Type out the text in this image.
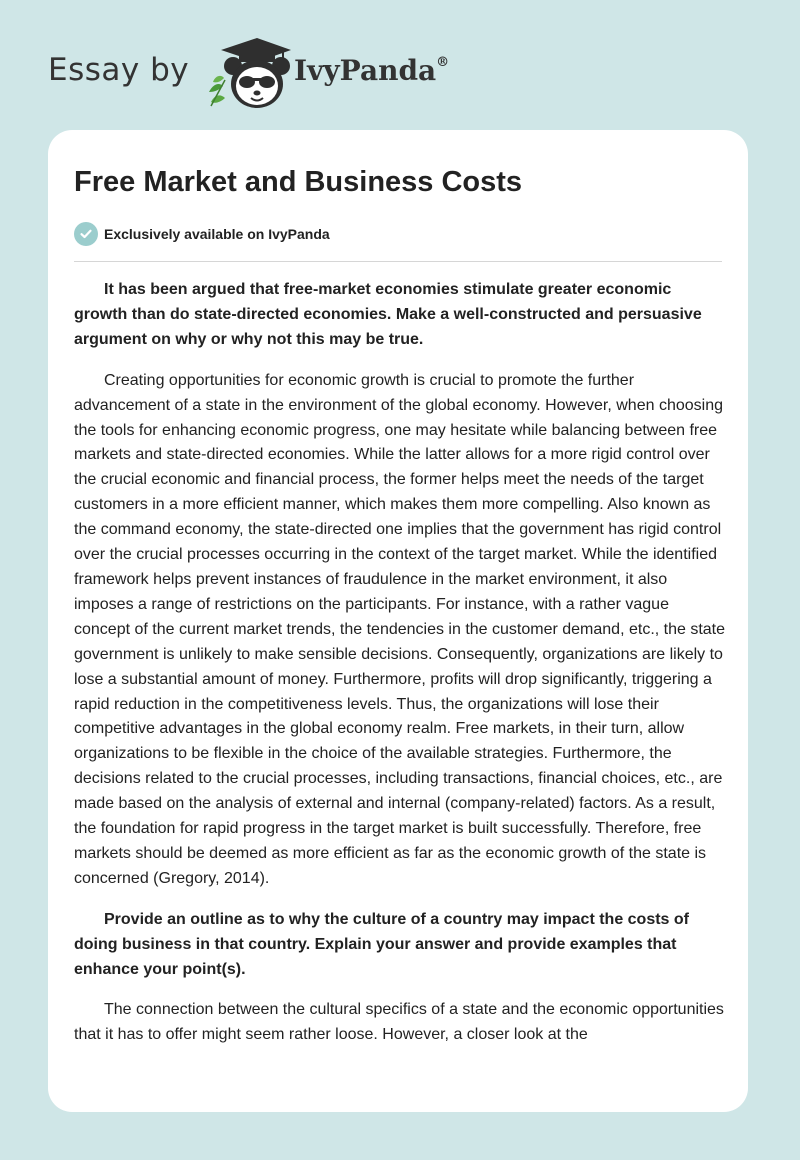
Essay by	IvyPanda®
Free Market and Business Costs
Exclusively available on IvyPanda

It has been argued that free-market economies stimulate greater economic growth than do state-directed economies. Make a well-constructed and persuasive argument on why or why not this may be true.

Creating opportunities for economic growth is crucial to promote the further advancement of a state in the environment of the global economy. However, when choosing the tools for enhancing economic progress, one may hesitate while balancing between free markets and state-directed economies. While the latter allows for a more rigid control over the crucial economic and financial process, the former helps meet the needs of the target customers in a more efficient manner, which makes them more compelling. Also known as the command economy, the state-directed one implies that the government has rigid control over the crucial processes occurring in the context of the target market. While the identified framework helps prevent instances of fraudulence in the market environment, it also imposes a range of restrictions on the participants. For instance, with a rather vague concept of the current market trends, the tendencies in the customer demand, etc., the state government is unlikely to make sensible decisions. Consequently, organizations are likely to lose a substantial amount of money. Furthermore, profits will drop significantly, triggering a rapid reduction in the competitiveness levels. Thus, the organizations will lose their competitive advantages in the global economy realm. Free markets, in their turn, allow organizations to be flexible in the choice of the available strategies. Furthermore, the decisions related to the crucial processes, including transactions, financial choices, etc., are made based on the analysis of external and internal (company-related) factors. As a result, the foundation for rapid progress in the target market is built successfully. Therefore, free markets should be deemed as more efficient as far as the economic growth of the state is concerned (Gregory, 2014).

Provide an outline as to why the culture of a country may impact the costs of doing business in that country. Explain your answer and provide examples that enhance your point(s).

The connection between the cultural specifics of a state and the economic opportunities that it has to offer might seem rather loose. However, a closer look at the
